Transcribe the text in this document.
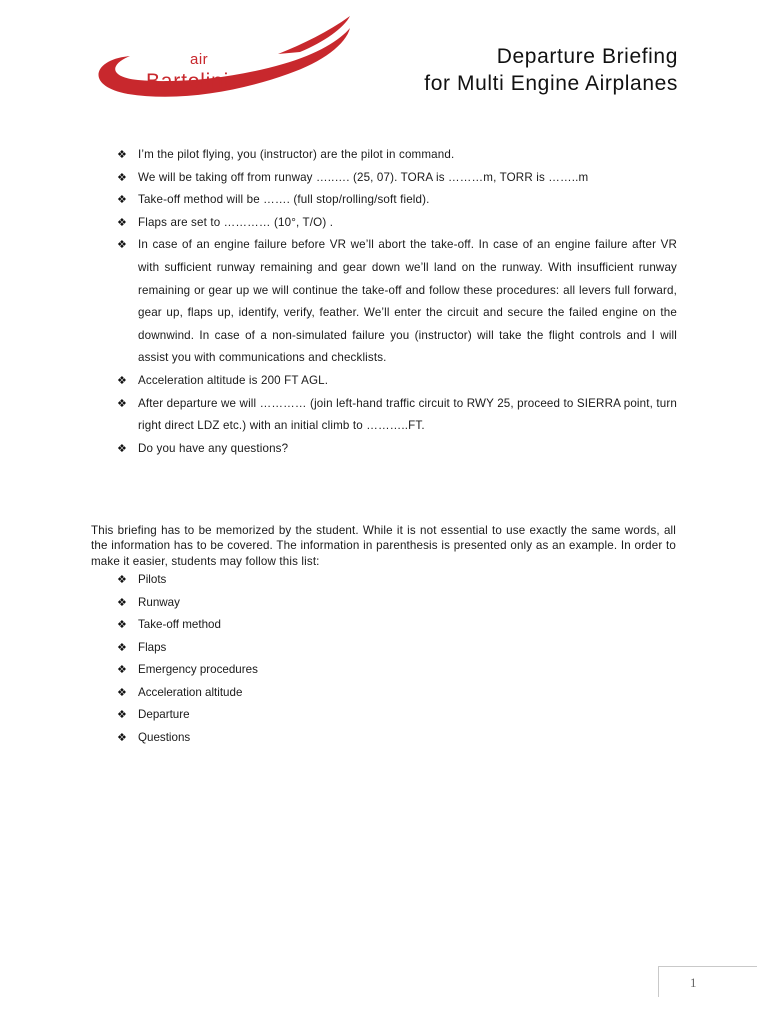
air
Bartolini
Departure Briefing
for Multi Engine Airplanes
❖ I’m the pilot flying, you (instructor) are the pilot in command.
❖ We will be taking off from runway …..…. (25, 07). TORA is ………m, TORR is ……..m
❖ Take-off method will be ……. (full stop/rolling/soft field).
❖ Flaps are set to ………… (10°, T/O) .
❖ In case of an engine failure before VR we’ll abort the take-off. In case of an engine failure after VR with sufficient runway remaining and gear down we’ll land on the runway. With insufficient runway remaining or gear up we will continue the take-off and follow these procedures: all levers full forward, gear up, flaps up, identify, verify, feather. We’ll enter the circuit and secure the failed engine on the downwind. In case of a non-simulated failure you (instructor) will take the flight controls and I will assist you with communications and checklists.
❖ Acceleration altitude is 200 FT AGL.
❖ After departure we will ………… (join left-hand traffic circuit to RWY 25, proceed to SIERRA point, turn right direct LDZ etc.) with an initial climb to ………..FT.
❖ Do you have any questions?

This briefing has to be memorized by the student. While it is not essential to use exactly the same words, all the information has to be covered. The information in parenthesis is presented only as an example. In order to make it easier, students may follow this list:

❖ Pilots
❖ Runway
❖ Take-off method
❖ Flaps
❖ Emergency procedures
❖ Acceleration altitude
❖ Departure
❖ Questions
1
